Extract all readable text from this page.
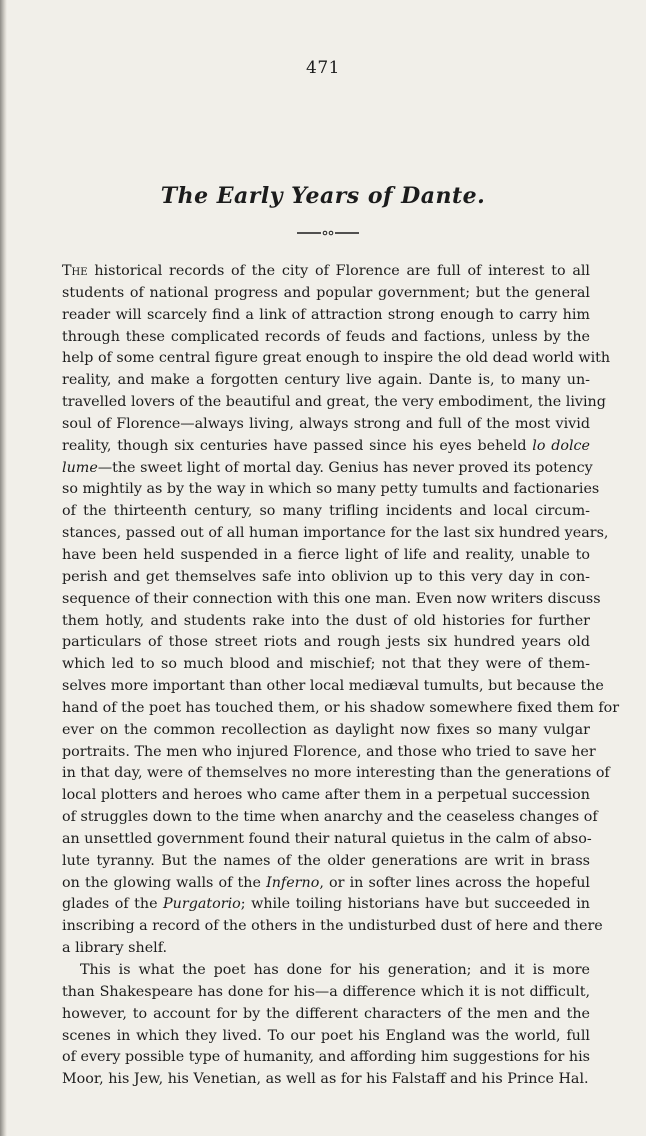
471
The Early Years of Dante.
The historical records of the city of Florence are full of interest to all
students of national progress and popular government; but the general
reader will scarcely find a link of attraction strong enough to carry him
through these complicated records of feuds and factions, unless by the
help of some central figure great enough to inspire the old dead world with
reality, and make a forgotten century live again. Dante is, to many un-
travelled lovers of the beautiful and great, the very embodiment, the living
soul of Florence—always living, always strong and full of the most vivid
reality, though six centuries have passed since his eyes beheld lo dolce
lume—the sweet light of mortal day. Genius has never proved its potency
so mightily as by the way in which so many petty tumults and factionaries
of the thirteenth century, so many trifling incidents and local circum-
stances, passed out of all human importance for the last six hundred years,
have been held suspended in a fierce light of life and reality, unable to
perish and get themselves safe into oblivion up to this very day in con-
sequence of their connection with this one man. Even now writers discuss
them hotly, and students rake into the dust of old histories for further
particulars of those street riots and rough jests six hundred years old
which led to so much blood and mischief; not that they were of them-
selves more important than other local mediæval tumults, but because the
hand of the poet has touched them, or his shadow somewhere fixed them for
ever on the common recollection as daylight now fixes so many vulgar
portraits. The men who injured Florence, and those who tried to save her
in that day, were of themselves no more interesting than the generations of
local plotters and heroes who came after them in a perpetual succession
of struggles down to the time when anarchy and the ceaseless changes of
an unsettled government found their natural quietus in the calm of abso-
lute tyranny. But the names of the older generations are writ in brass
on the glowing walls of the Inferno, or in softer lines across the hopeful
glades of the Purgatorio; while toiling historians have but succeeded in
inscribing a record of the others in the undisturbed dust of here and there
a library shelf.
This is what the poet has done for his generation; and it is more
than Shakespeare has done for his—a difference which it is not difficult,
however, to account for by the different characters of the men and the
scenes in which they lived. To our poet his England was the world, full
of every possible type of humanity, and affording him suggestions for his
Moor, his Jew, his Venetian, as well as for his Falstaff and his Prince Hal.
